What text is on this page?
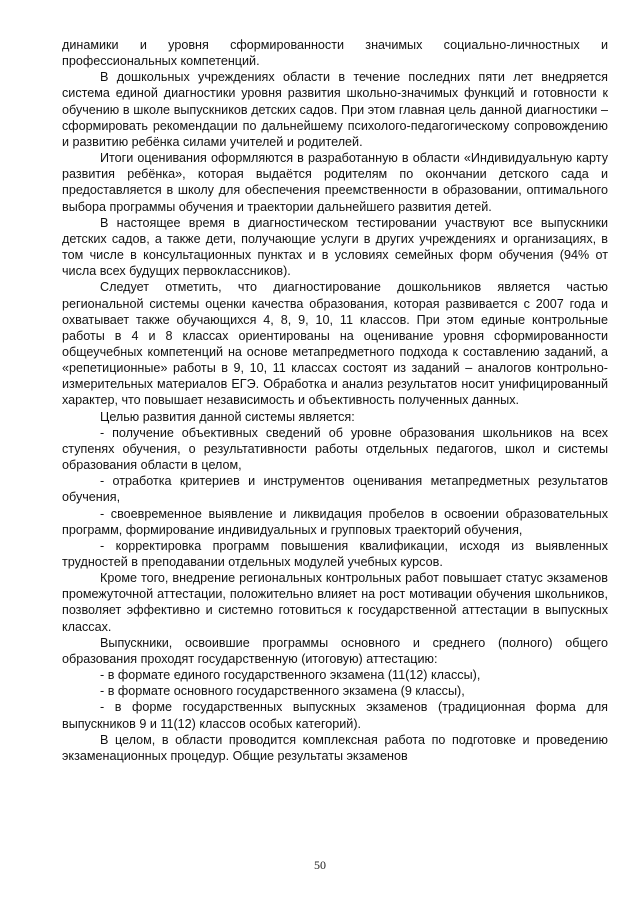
динамики и уровня сформированности значимых социально-личностных и профессиональных компетенций.

В дошкольных учреждениях области в течение последних пяти лет внедряется система единой диагностики уровня развития школьно-значимых функций и готовности к обучению в школе выпускников детских садов. При этом главная цель данной диагностики – сформировать рекомендации по дальнейшему психолого-педагогическому сопровождению и развитию ребёнка силами учителей и родителей.

Итоги оценивания оформляются в разработанную в области «Индивидуальную карту развития ребёнка», которая выдаётся родителям по окончании детского сада и предоставляется в школу для обеспечения преемственности в образовании, оптимального выбора программы обучения и траектории дальнейшего развития детей.

В настоящее время в диагностическом тестировании участвуют все выпускники детских садов, а также дети, получающие услуги в других учреждениях и организациях, в том числе в консультационных пунктах и в условиях семейных форм обучения (94% от числа всех будущих первоклассников).

Следует отметить, что диагностирование дошкольников является частью региональной системы оценки качества образования, которая развивается с 2007 года и охватывает также обучающихся 4, 8, 9, 10, 11 классов. При этом единые контрольные работы в 4 и 8 классах ориентированы на оценивание уровня сформированности общеучебных компетенций на основе метапредметного подхода к составлению заданий, а «репетиционные» работы в 9, 10, 11 классах состоят из заданий – аналогов контрольно-измерительных материалов ЕГЭ. Обработка и анализ результатов носит унифицированный характер, что повышает независимость и объективность полученных данных.

Целью развития данной системы является:

- получение объективных сведений об уровне образования школьников на всех ступенях обучения, о результативности работы отдельных педагогов, школ и системы образования области в целом,

- отработка критериев и инструментов оценивания метапредметных результатов обучения,

- своевременное выявление и ликвидация пробелов в освоении образовательных программ, формирование индивидуальных и групповых траекторий обучения,

- корректировка программ повышения квалификации, исходя из выявленных трудностей в преподавании отдельных модулей учебных курсов.

Кроме того, внедрение региональных контрольных работ повышает статус экзаменов промежуточной аттестации, положительно влияет на рост мотивации обучения школьников, позволяет эффективно и системно готовиться к государственной аттестации в выпускных классах.

Выпускники, освоившие программы основного и среднего (полного) общего образования проходят государственную (итоговую) аттестацию:

- в формате единого государственного экзамена (11(12) классы),

- в формате основного государственного экзамена (9 классы),

- в форме государственных выпускных экзаменов (традиционная форма для выпускников 9 и 11(12) классов особых категорий).

В целом, в области проводится комплексная работа по подготовке и проведению экзаменационных процедур. Общие результаты экзаменов

50
